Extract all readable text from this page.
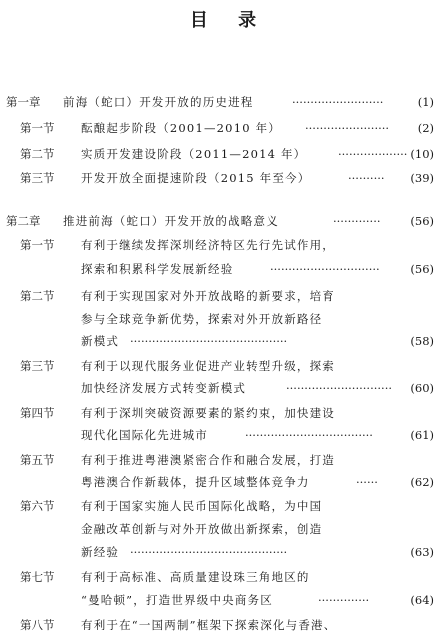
目 录
第一章 前海（蛇口）开发开放的历史进程	·························	(1)
第一节 酝酿起步阶段（2001—2010 年） ······················· (2)
第二节 实质开发建设阶段（2011—2014 年）	··················· (10)
第三节 开发开放全面提速阶段（2015 年至今）	·········· (39)
第二章 推进前海（蛇口）开发开放的战略意义	·············	(56)
第一节 有利于继续发挥深圳经济特区先行先试作用，
探索和积累科学发展新经验	······························	(56)
第二节 有利于实现国家对外开放战略的新要求，培育
参与全球竞争新优势，探索对外开放新路径
新模式 ···········································	(58)
第三节 有利于以现代服务业促进产业转型升级，探索
加快经济发展方式转变新模式	····························· (60)
第四节 有利于深圳突破资源要素的紧约束，加快建设
现代化国际化先进城市	···································	(61)
第五节 有利于推进粤港澳紧密合作和融合发展，打造
粤港澳合作新载体，提升区域整体竞争力	······	(62)
第六节 有利于国家实施人民币国际化战略，为中国
金融改革创新与对外开放做出新探索，创造
新经验 ···········································	(63)
第七节 有利于高标准、高质量建设珠三角地区的
“曼哈顿”，打造世界级中央商务区	··············	(64)
第八节 有利于在“一国两制”框架下探索深化与香港、
